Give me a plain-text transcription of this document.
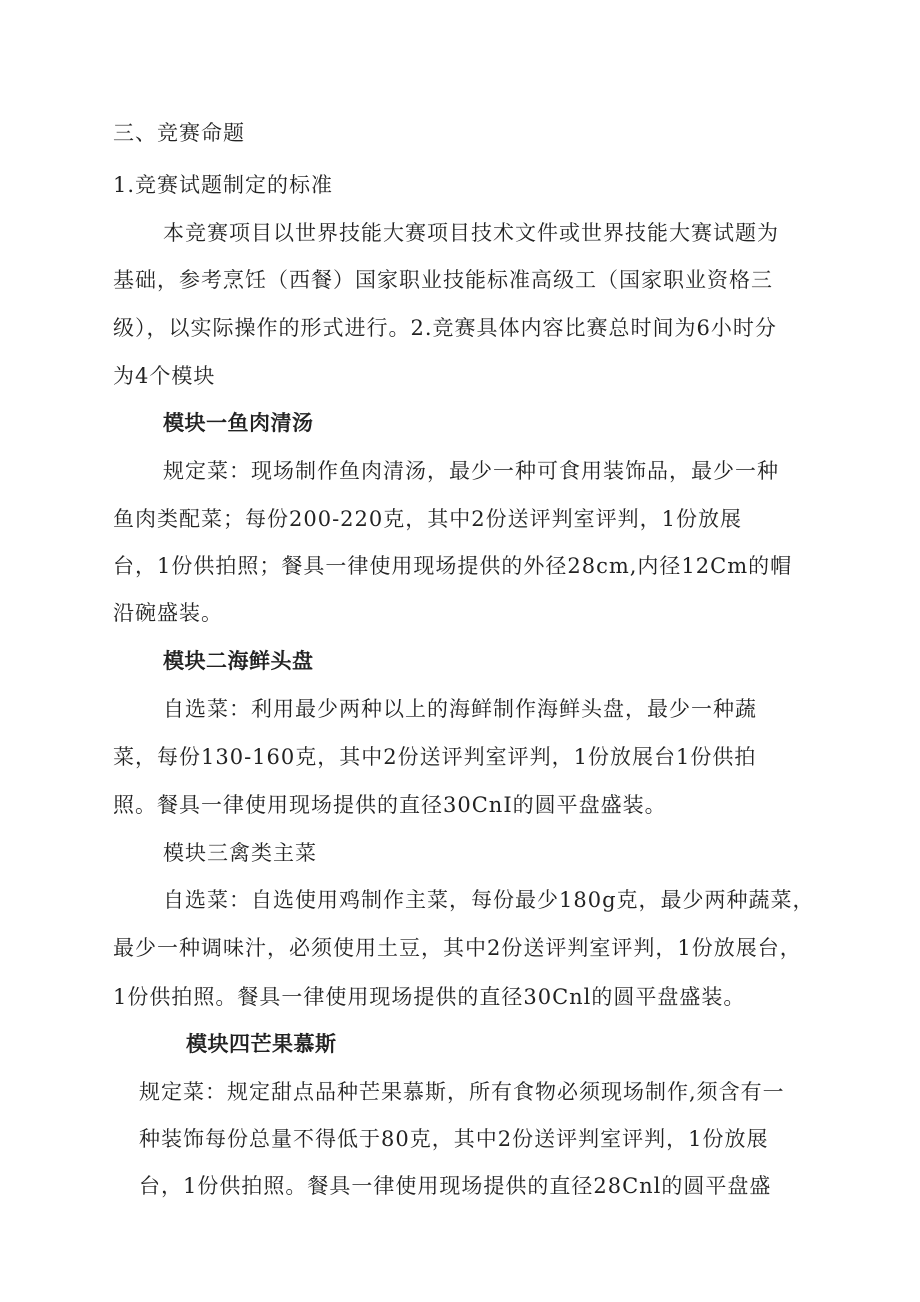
三、竞赛命题
1.竞赛试题制定的标准
本竞赛项目以世界技能大赛项目技术文件或世界技能大赛试题为
基础，参考烹饪（西餐）国家职业技能标准高级工（国家职业资格三
级），以实际操作的形式进行。2.竞赛具体内容比赛总时间为6小时分
为4个模块
模块一鱼肉清汤
规定菜：现场制作鱼肉清汤，最少一种可食用装饰品，最少一种
鱼肉类配菜；每份200-220克，其中2份送评判室评判，1份放展
台，1份供拍照；餐具一律使用现场提供的外径28cm,内径12Cm的帽
沿碗盛装。
模块二海鲜头盘
自选菜：利用最少两种以上的海鲜制作海鲜头盘，最少一种蔬
菜，每份130-160克，其中2份送评判室评判，1份放展台1份供拍
照。餐具一律使用现场提供的直径30CnI的圆平盘盛装。
模块三禽类主菜
自选菜：自选使用鸡制作主菜，每份最少180g克，最少两种蔬菜，
最少一种调味汁，必须使用土豆，其中2份送评判室评判，1份放展台，
1份供拍照。餐具一律使用现场提供的直径30Cnl的圆平盘盛装。
模块四芒果慕斯
规定菜：规定甜点品种芒果慕斯，所有食物必须现场制作,须含有一
种装饰每份总量不得低于80克，其中2份送评判室评判，1份放展
台，1份供拍照。餐具一律使用现场提供的直径28Cnl的圆平盘盛
